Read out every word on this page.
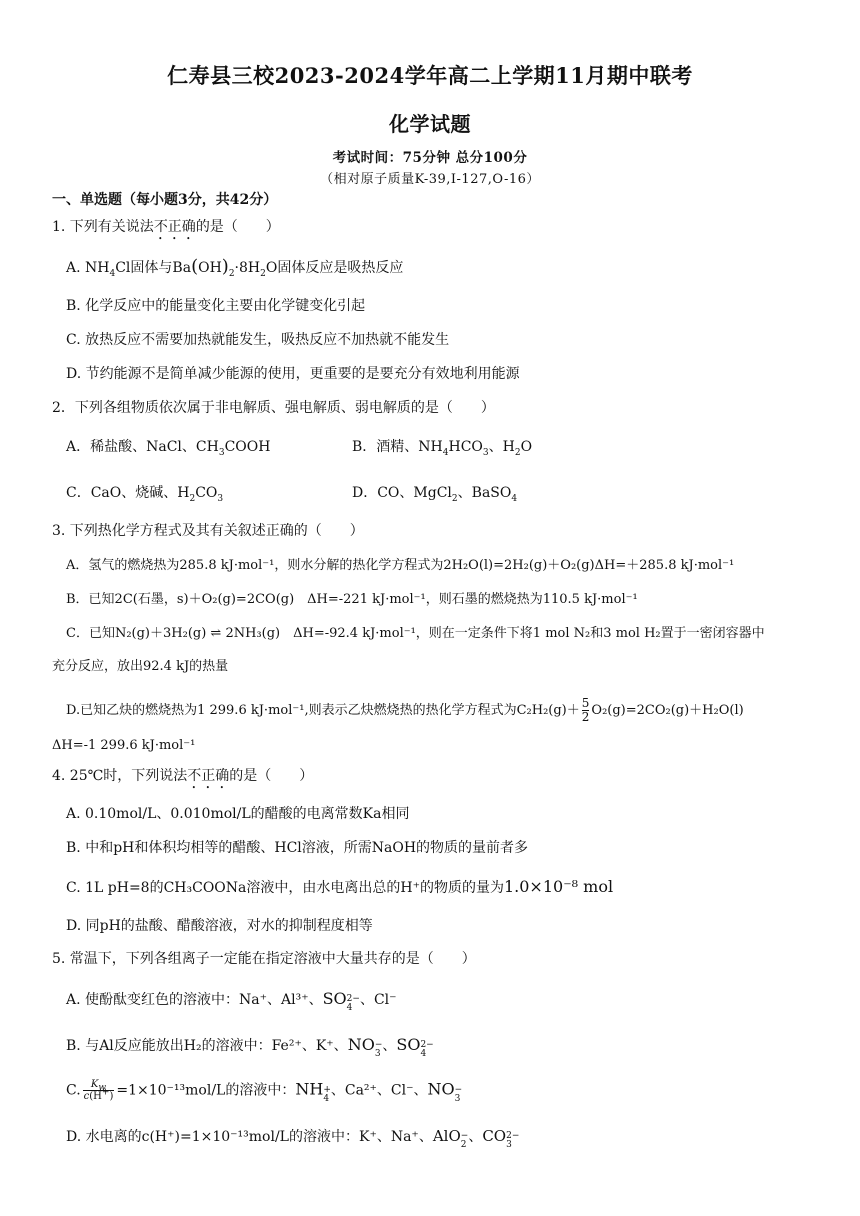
仁寿县三校2023-2024学年高二上学期11月期中联考
化学试题
考试时间：75分钟 总分100分
（相对原子质量K-39,I-127,O-16）
一、单选题（每小题3分，共42分）
1. 下列有关说法不正确的是（　　）
A. $NH_4Cl$固体与$Ba(OH)_2\cdot 8H_2O$固体反应是吸热反应
B. 化学反应中的能量变化主要由化学键变化引起
C. 放热反应不需要加热就能发生，吸热反应不加热就不能发生
D. 节约能源不是简单减少能源的使用，更重要的是要充分有效地利用能源
2．下列各组物质依次属于非电解质、强电解质、弱电解质的是（　　）
A．稀盐酸、NaCl、$CH_3COOH$	B．酒精、$NH_4HCO_3$、$H_2O$
C．CaO、烧碱、$H_2CO_3$	D．CO、MgCl$_2$、BaSO$_4$
3. 下列热化学方程式及其有关叙述正确的（　　）
A．氢气的燃烧热为285.8 kJ·mol⁻¹，则水分解的热化学方程式为2H₂O(l)=2H₂(g)＋O₂(g)ΔH=＋285.8 kJ·mol⁻¹
B．已知2C(石墨，s)＋O₂(g)=2CO(g)　ΔH=-221 kJ·mol⁻¹，则石墨的燃烧热为110.5 kJ·mol⁻¹
C．已知N₂(g)＋3H₂(g) ⇌ 2NH₃(g)　ΔH=-92.4 kJ·mol⁻¹，则在一定条件下将1 mol N₂和3 mol H₂置于一密闭容器中
充分反应，放出92.4 kJ的热量
D.已知乙炔的燃烧热为1 299.6 kJ·mol⁻¹,则表示乙炔燃烧热的热化学方程式为$C_2H_2(g)+ \frac{5}{2} O_2(g)=2CO_2(g)+H_2O(l)$
ΔH=-1 299.6 kJ·mol⁻¹
4. 25℃时，下列说法不正确的是（　　）
A. 0.10mol/L、0.010mol/L的醋酸的电离常数Ka相同
B. 中和pH和体积均相等的醋酸、HCl溶液，所需NaOH的物质的量前者多
C. 1L pH=8的CH₃COONa溶液中，由水电离出总的H⁺的物质的量为1.0×10⁻⁸ mol
D. 同pH的盐酸、醋酸溶液，对水的抑制程度相等
5. 常温下，下列各组离子一定能在指定溶液中大量共存的是（　　）
A. 使酚酞变红色的溶液中：Na⁺、Al³⁺、SO 2−
4 、Cl⁻
B. 与Al反应能放出H₂的溶液中：Fe²⁺、K⁺、NO −
3 、SO 2−
4
C. $\frac{K_w}{c(H^+)} =1\times 10^{-13}mol/L$的溶液中：NH +
4 、Ca²⁺、Cl⁻、NO −
3
D. 水电离的c(H⁺)=1×10⁻¹³mol/L的溶液中：K⁺、Na⁺、AlO −
2 、CO 2−
3
